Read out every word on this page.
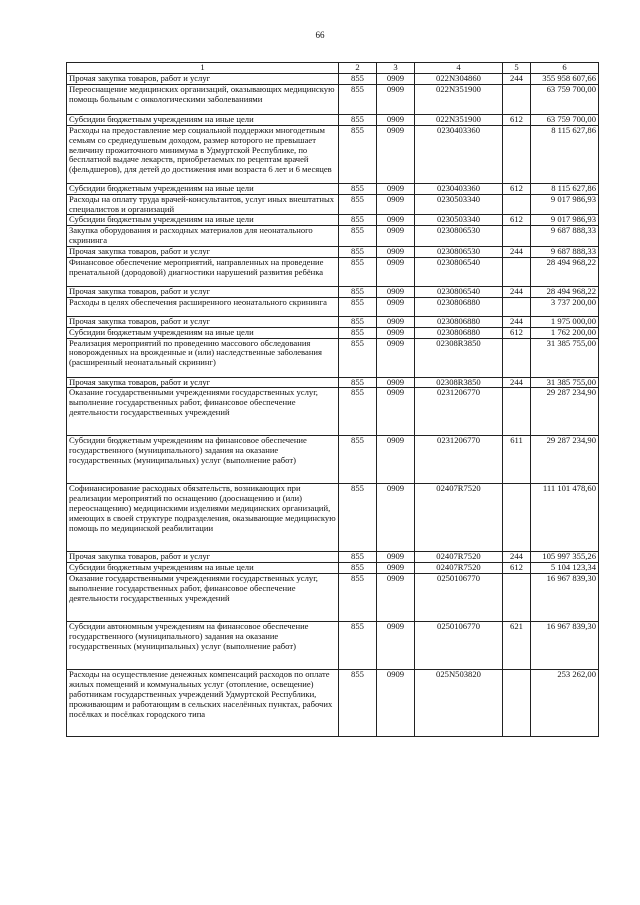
66
1	2	3	4	5	6
Прочая закупка товаров, работ и услуг	855	0909	022N304860	244	355 958 607,66
Переоснащение медицинских организаций, оказывающих медицинскую помощь больным с онкологическими заболеваниями	855	0909	022N351900		63 759 700,00
Субсидии бюджетным учреждениям на иные цели	855	0909	022N351900	612	63 759 700,00
Расходы на предоставление мер социальной поддержки многодетным семьям со среднедушевым доходом, размер которого не превышает величину прожиточного минимума в Удмуртской Республике, по бесплатной выдаче лекарств, приобретаемых по рецептам врачей (фельдшеров), для детей до достижения ими возраста 6 лет и 6 месяцев	855	0909	0230403360		8 115 627,86
Субсидии бюджетным учреждениям на иные цели	855	0909	0230403360	612	8 115 627,86
Расходы на оплату труда врачей-консультантов, услуг иных внештатных специалистов и организаций	855	0909	0230503340		9 017 986,93
Субсидии бюджетным учреждениям на иные цели	855	0909	0230503340	612	9 017 986,93
Закупка оборудования и расходных материалов для неонатального скрининга	855	0909	0230806530		9 687 888,33
Прочая закупка товаров, работ и услуг	855	0909	0230806530	244	9 687 888,33
Финансовое обеспечение мероприятий, направленных на проведение пренатальной (дородовой) диагностики нарушений развития ребёнка	855	0909	0230806540		28 494 968,22
Прочая закупка товаров, работ и услуг	855	0909	0230806540	244	28 494 968,22
Расходы в целях обеспечения расширенного неонатального скрининга	855	0909	0230806880		3 737 200,00
Прочая закупка товаров, работ и услуг	855	0909	0230806880	244	1 975 000,00
Субсидии бюджетным учреждениям на иные цели	855	0909	0230806880	612	1 762 200,00
Реализация мероприятий по проведению массового обследования новорожденных на врожденные и (или) наследственные заболевания (расширенный неонатальный скрининг)	855	0909	02308R3850		31 385 755,00
Прочая закупка товаров, работ и услуг	855	0909	02308R3850	244	31 385 755,00
Оказание государственными учреждениями государственных услуг, выполнение государственных работ, финансовое обеспечение деятельности государственных учреждений	855	0909	0231206770		29 287 234,90
Субсидии бюджетным учреждениям на финансовое обеспечение государственного (муниципального) задания на оказание государственных (муниципальных) услуг (выполнение работ)	855	0909	0231206770	611	29 287 234,90
Софинансирование расходных обязательств, возникающих при реализации мероприятий по оснащению (дооснащению и (или) переоснащению) медицинскими изделиями медицинских организаций, имеющих в своей структуре подразделения, оказывающие медицинскую помощь по медицинской реабилитации	855	0909	02407R7520		111 101 478,60
Прочая закупка товаров, работ и услуг	855	0909	02407R7520	244	105 997 355,26
Субсидии бюджетным учреждениям на иные цели	855	0909	02407R7520	612	5 104 123,34
Оказание государственными учреждениями государственных услуг, выполнение государственных работ, финансовое обеспечение деятельности государственных учреждений	855	0909	0250106770		16 967 839,30
Субсидии автономным учреждениям на финансовое обеспечение государственного (муниципального) задания на оказание государственных (муниципальных) услуг (выполнение работ)	855	0909	0250106770	621	16 967 839,30
Расходы на осуществление денежных компенсаций расходов по оплате жилых помещений и коммунальных услуг (отопление, освещение) работникам государственных учреждений Удмуртской Республики, проживающим и работающим в сельских населённых пунктах, рабочих посёлках и посёлках городского типа	855	0909	025N503820		253 262,00
